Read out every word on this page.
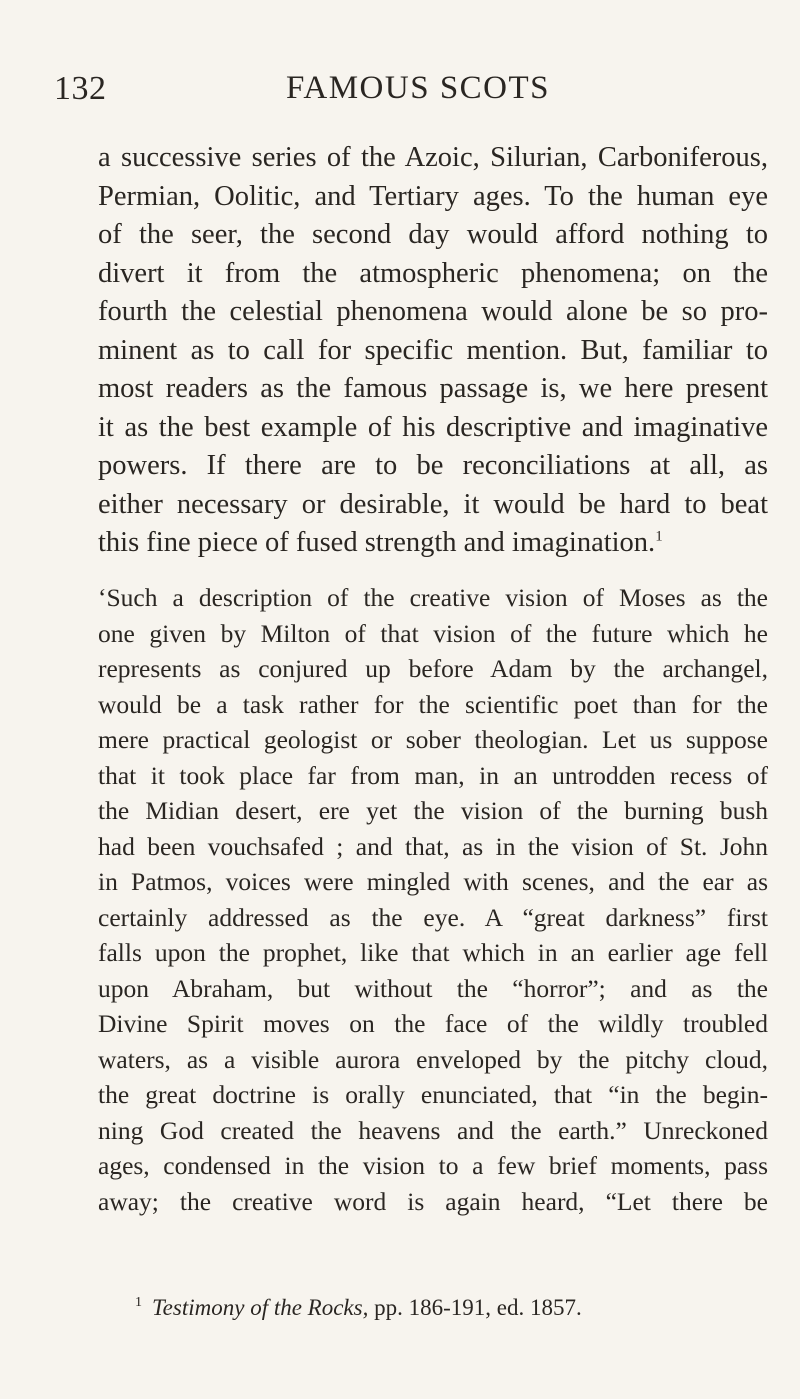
132	FAMOUS SCOTS
a successive series of the Azoic, Silurian, Carboniferous,
Permian, Oolitic, and Tertiary ages. To the human eye
of the seer, the second day would afford nothing to
divert it from the atmospheric phenomena; on the
fourth the celestial phenomena would alone be so pro-
minent as to call for specific mention. But, familiar to
most readers as the famous passage is, we here present
it as the best example of his descriptive and imaginative
powers. If there are to be reconciliations at all, as
either necessary or desirable, it would be hard to beat
this fine piece of fused strength and imagination.$^1$
‘Such a description of the creative vision of Moses as the
one given by Milton of that vision of the future which he
represents as conjured up before Adam by the archangel,
would be a task rather for the scientific poet than for the
mere practical geologist or sober theologian. Let us suppose
that it took place far from man, in an untrodden recess of
the Midian desert, ere yet the vision of the burning bush
had been vouchsafed ; and that, as in the vision of St. John
in Patmos, voices were mingled with scenes, and the ear as
certainly addressed as the eye. A “great darkness” first
falls upon the prophet, like that which in an earlier age fell
upon Abraham, but without the “horror”; and as the
Divine Spirit moves on the face of the wildly troubled
waters, as a visible aurora enveloped by the pitchy cloud,
the great doctrine is orally enunciated, that “in the begin-
ning God created the heavens and the earth.” Unreckoned
ages, condensed in the vision to a few brief moments, pass
away; the creative word is again heard, “Let there be
$^1$ Testimony of the Rocks, pp. 186-191, ed. 1857.
